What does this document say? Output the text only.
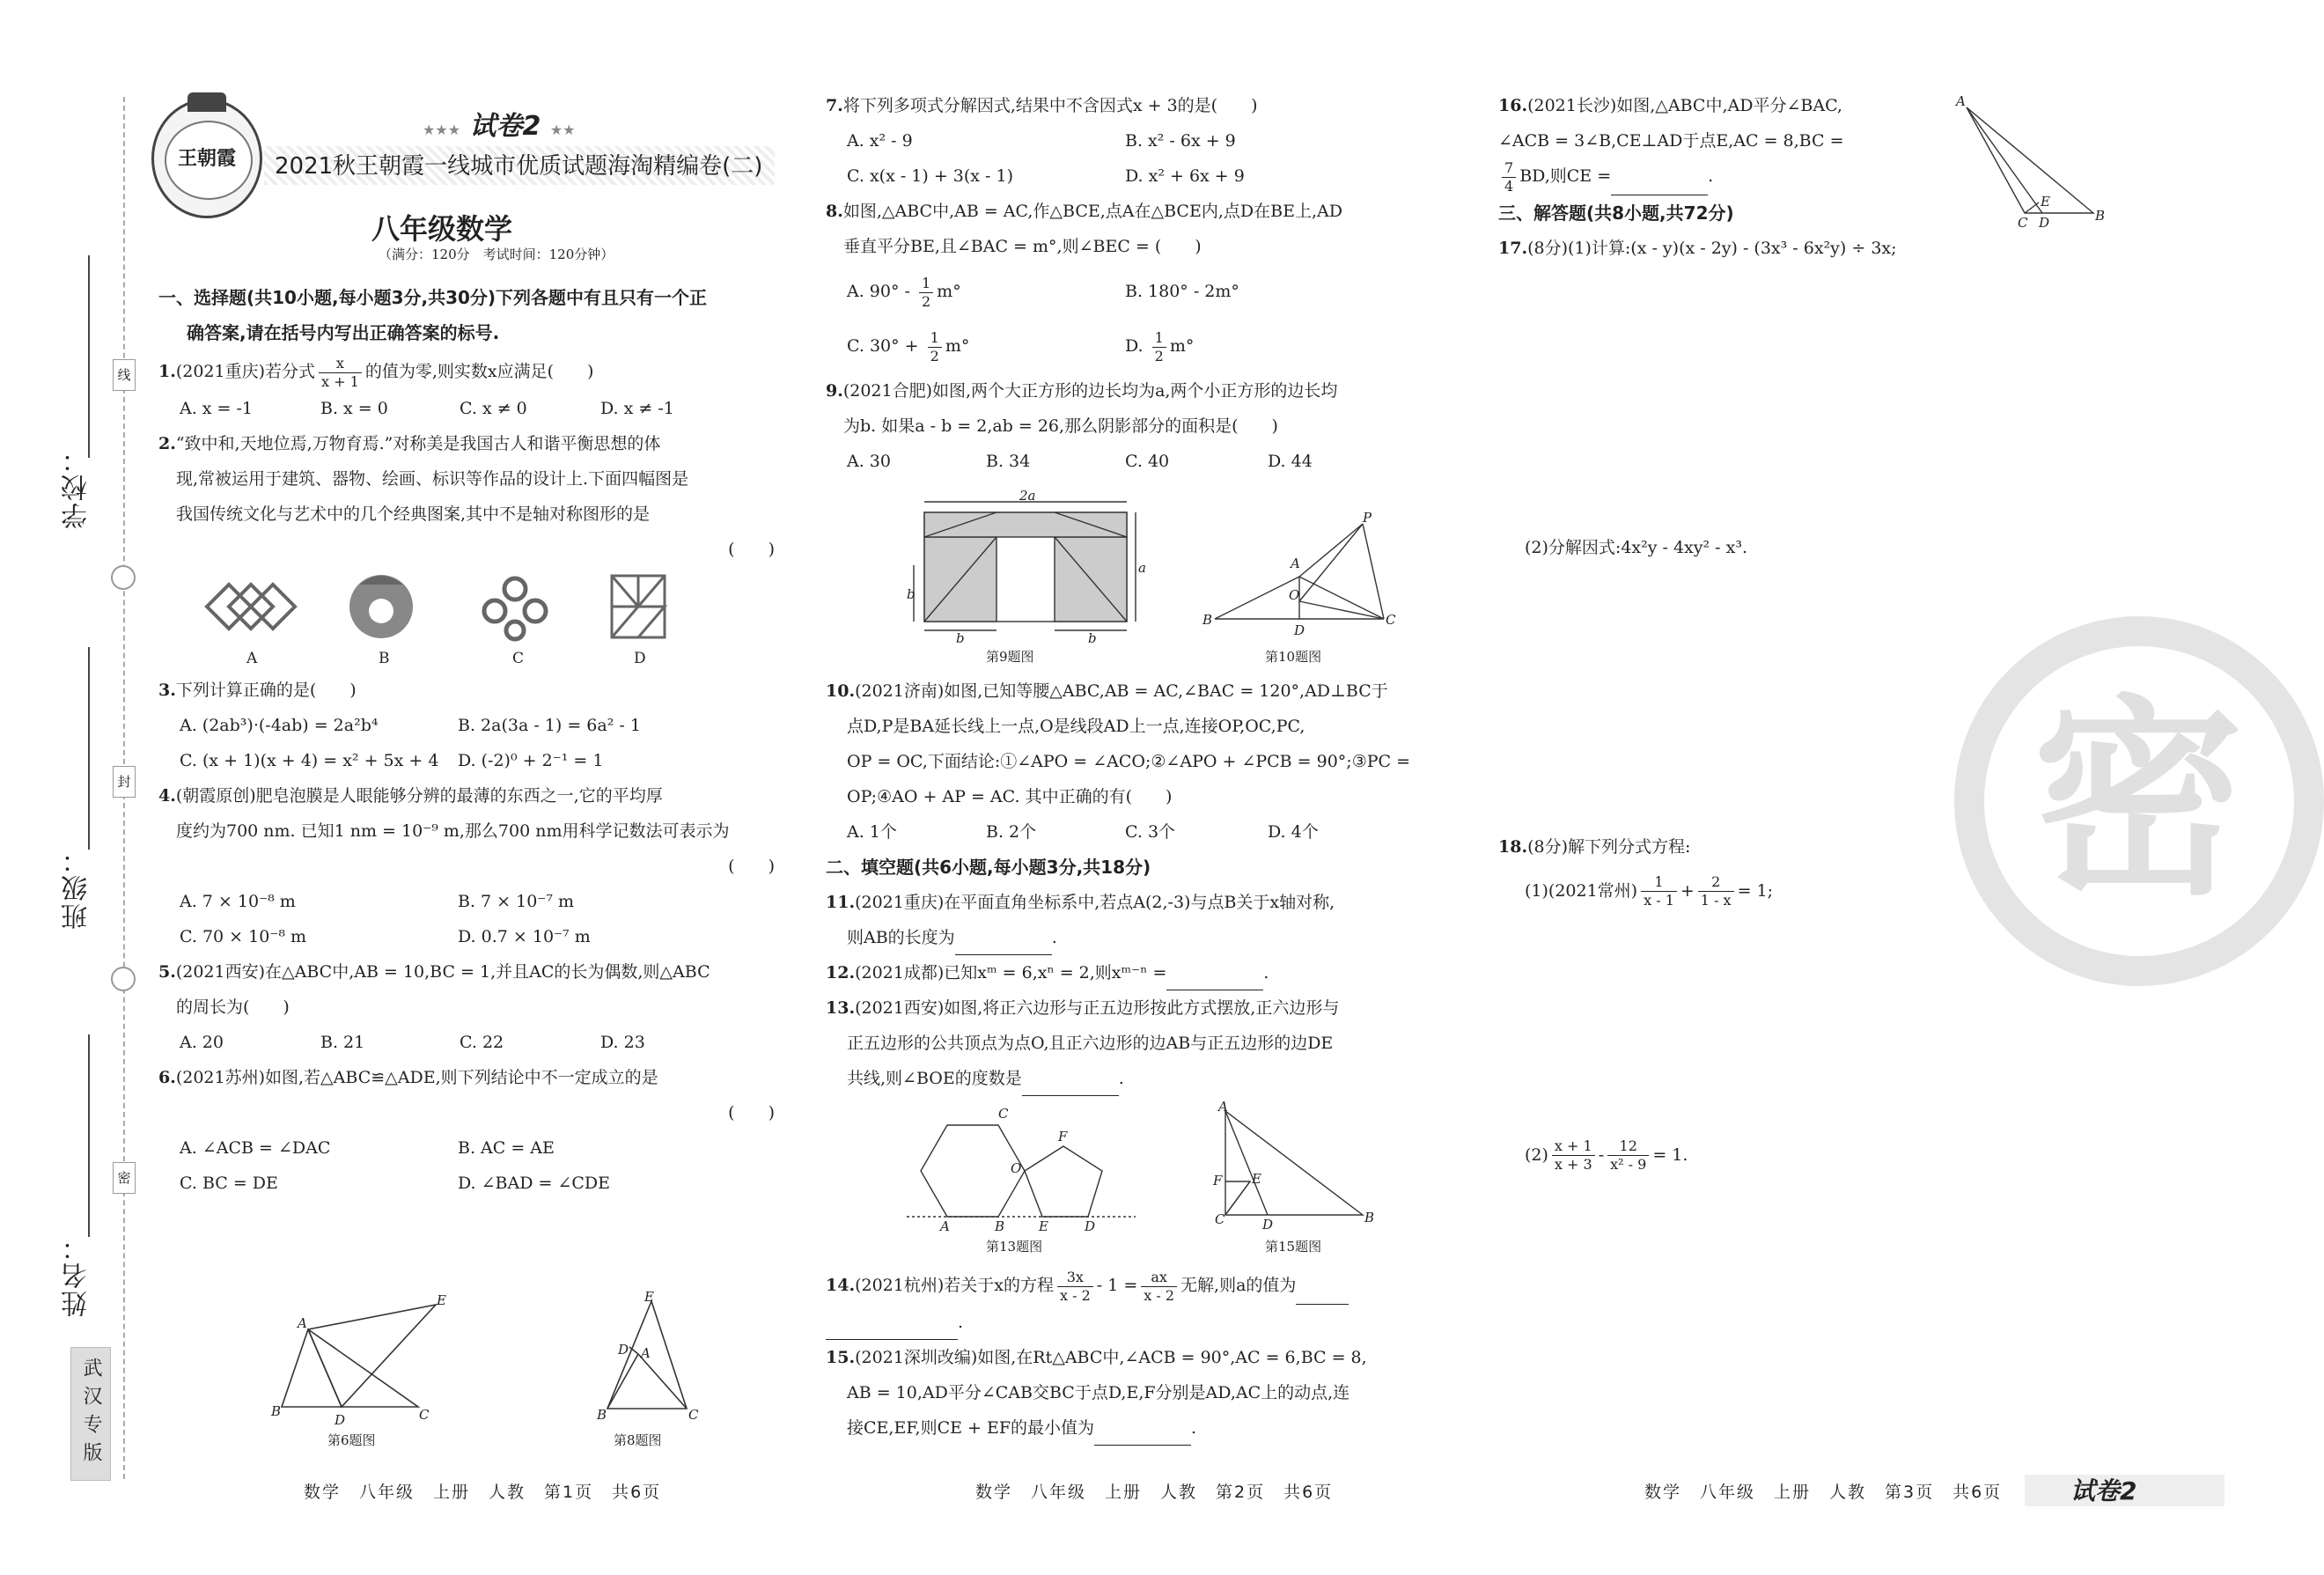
线
封
密
学校：
班级：
姓名：
武汉专版
王朝霞
★★★ 试卷2 ★★
2021秋王朝霞一线城市优质试题海淘精编卷(二)
八年级数学
（满分：120分　考试时间：120分钟）
密
一、选择题(共10小题,每小题3分,共30分)下列各题中有且只有一个正
确答案,请在括号内写出正确答案的标号.
1.(2021重庆)若分式 $\frac{x}{x + 1}$ 的值为零,则实数x应满足(　　)
A. x = -1	B. x = 0	C. x ≠ 0	D. x ≠ -1
2.“致中和,天地位焉,万物育焉.”对称美是我国古人和谐平衡思想的体
现,常被运用于建筑、器物、绘画、标识等作品的设计上.下面四幅图是
我国传统文化与艺术中的几个经典图案,其中不是轴对称图形的是
(　　)
A	B	C	D
3.下列计算正确的是(　　)
A. (2ab³)·(-4ab) = 2a²b⁴	B. 2a(3a - 1) = 6a² - 1
C. (x + 1)(x + 4) = x² + 5x + 4 D. (-2)⁰ + 2⁻¹ = 1
4.(朝霞原创)肥皂泡膜是人眼能够分辨的最薄的东西之一,它的平均厚
度约为700 nm. 已知1 nm = 10⁻⁹ m,那么700 nm用科学记数法可表示为
(　　)
A. 7 × 10⁻⁸ m	B. 7 × 10⁻⁷ m
C. 70 × 10⁻⁸ m	D. 0.7 × 10⁻⁷ m
5.(2021西安)在△ABC中,AB = 10,BC = 1,并且AC的长为偶数,则△ABC
的周长为(　　)
A. 20	B. 21	C. 22	D. 23
6.(2021苏州)如图,若△ABC≌△ADE,则下列结论中不一定成立的是
(　　)
A. ∠ACB = ∠DAC	B. AC = AE
C. BC = DE	D. ∠BAD = ∠CDE
A
B
D	C
E
第6题图
E
D A
B	C
第8题图
7.将下列多项式分解因式,结果中不含因式x + 3的是(　　)
A. x² - 9	B. x² - 6x + 9
C. x(x - 1) + 3(x - 1)	D. x² + 6x + 9
8.如图,△ABC中,AB = AC,作△BCE,点A在△BCE内,点D在BE上,AD
垂直平分BE,且∠BAC = m°,则∠BEC = (　　)
A. $90^\circ - \frac{1}{2} m^\circ$	B. 180° - 2m°
C. $30^\circ + \frac{1}{2} m^\circ$	D. $\frac{1}{2} m^\circ$
9.(2021合肥)如图,两个大正方形的边长均为a,两个小正方形的边长均
为b. 如果a - b = 2,ab = 26,那么阴影部分的面积是(　　)
A. 30	B. 34	C. 40	D. 44
2a
a
b
b	b
第9题图
B	C
A
O
P
D
第10题图
10.(2021济南)如图,已知等腰△ABC,AB = AC,∠BAC = 120°,AD⊥BC于
点D,P是BA延长线上一点,O是线段AD上一点,连接OP,OC,PC,
OP = OC,下面结论:①∠APO = ∠ACO;②∠APO + ∠PCB = 90°;③PC =
OP;④AO + AP = AC. 其中正确的有(　　)
A. 1个	B. 2个	C. 3个	D. 4个
二、填空题(共6小题,每小题3分,共18分)
11.(2021重庆)在平面直角坐标系中,若点A(2,-3)与点B关于x轴对称,
则AB的长度为	.
12.(2021成都)已知xᵐ = 6,xⁿ = 2,则xᵐ⁻ⁿ =	.
13.(2021西安)如图,将正六边形与正五边形按此方式摆放,正六边形与
正五边形的公共顶点为点O,且正六边形的边AB与正五边形的边DE
共线,则∠BOE的度数是	.
A	B
C
E	D
O
F
第13题图
A
F E
C	D	B
第15题图
14.(2021杭州)若关于x的方程 $\frac{3x}{x - 2} - 1 = \frac{ax}{x - 2}$ 无解,则a的值为
.
15.(2021深圳改编)如图,在Rt△ABC中,∠ACB = 90°,AC = 6,BC = 8,
AB = 10,AD平分∠CAB交BC于点D,E,F分别是AD,AC上的动点,连
接CE,EF,则CE + EF的最小值为	.
16.(2021长沙)如图,△ABC中,AD平分∠BAC,
∠ACB = 3∠B,CE⊥AD于点E,AC = 8,BC =

$\frac{7}{4}$ BD,则CE =	.
三、解答题(共8小题,共72分)
17.(8分)(1)计算:(x - y)(x - 2y) - (3x³ - 6x²y) ÷ 3x;
(2)分解因式:4x²y - 4xy² - x³.
18.(8分)解下列分式方程:
(1)(2021常州) $\frac{1}{x - 1} + \frac{2}{1 - x} = 1$;
$(2) \frac{x + 1}{x + 3} - \frac{12}{\text{x² - 9}} = 1$.
A
C D	B
E
数学　八年级　上册　人教　第1页　共6页	数学　八年级　上册　人教　第2页　共6页	数学　八年级　上册　人教　第3页　共6页	试卷2
